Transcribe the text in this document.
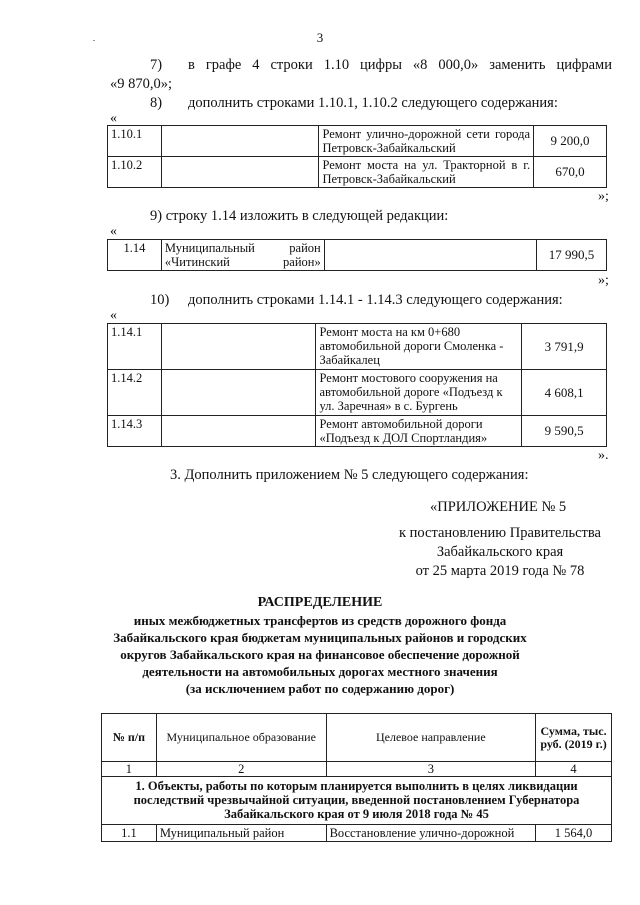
3
7) в графе 4 строки 1.10 цифры «8 000,0» заменить цифрами
«9 870,0»;
8) дополнить строками 1.10.1, 1.10.2 следующего содержания:
«
1.10.1		Ремонт улично-дорожной сети города Петровск-Забайкальский	9 200,0
1.10.2		Ремонт моста на ул. Тракторной в г. Петровск-Забайкальский	670,0
»;
9) строку 1.14 изложить в следующей редакции:
«
1.14	Муниципальный район «Читинский район»		17 990,5
»;
10) дополнить строками 1.14.1 - 1.14.3 следующего содержания:
«
1.14.1		Ремонт моста на км 0+680 автомобильной дороги Смоленка - Забайкалец	3 791,9
1.14.2		Ремонт мостового сооружения на автомобильной дороге «Подъезд к ул. Заречная» в с. Бургень	4 608,1
1.14.3		Ремонт автомобильной дороги «Подъезд к ДОЛ Спортландия»	9 590,5
».
3. Дополнить приложением № 5 следующего содержания:
«ПРИЛОЖЕНИЕ № 5
к постановлению Правительства
Забайкальского края
от 25 марта 2019 года № 78
РАСПРЕДЕЛЕНИЕ
иных межбюджетных трансфертов из средств дорожного фонда
Забайкальского края бюджетам муниципальных районов и городских
округов Забайкальского края на финансовое обеспечение дорожной
деятельности на автомобильных дорогах местного значения
(за исключением работ по содержанию дорог)
№ п/п	Муниципальное образование	Целевое направление	Сумма, тыс. руб. (2019 г.)
1	2	3	4
1. Объекты, работы по которым планируется выполнить в целях ликвидации последствий чрезвычайной ситуации, введенной постановлением Губернатора Забайкальского края от 9 июля 2018 года № 45			
1.1	Муниципальный район	Восстановление улично-дорожной	1 564,0
